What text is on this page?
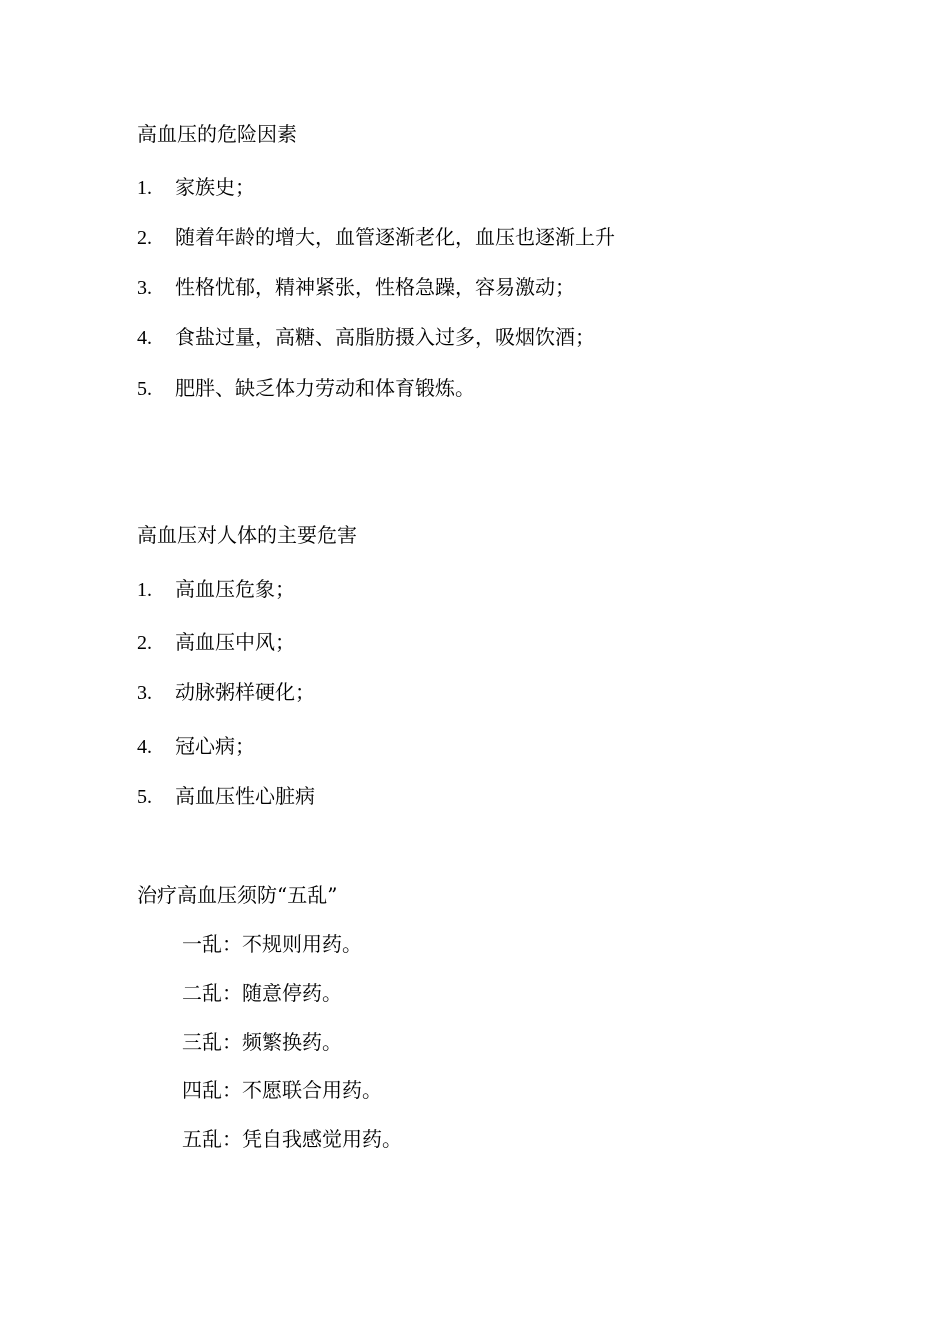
高血压的危险因素
1. 家族史；
2. 随着年龄的增大，血管逐渐老化，血压也逐渐上升
3. 性格忧郁，精神紧张，性格急躁，容易激动；
4. 食盐过量，高糖、高脂肪摄入过多，吸烟饮酒；
5. 肥胖、缺乏体力劳动和体育锻炼。
高血压对人体的主要危害
1. 高血压危象；
2. 高血压中风；
3. 动脉粥样硬化；
4. 冠心病；
5. 高血压性心脏病
治疗高血压须防“五乱”
一乱：不规则用药。
二乱：随意停药。
三乱：频繁换药。
四乱：不愿联合用药。
五乱：凭自我感觉用药。
